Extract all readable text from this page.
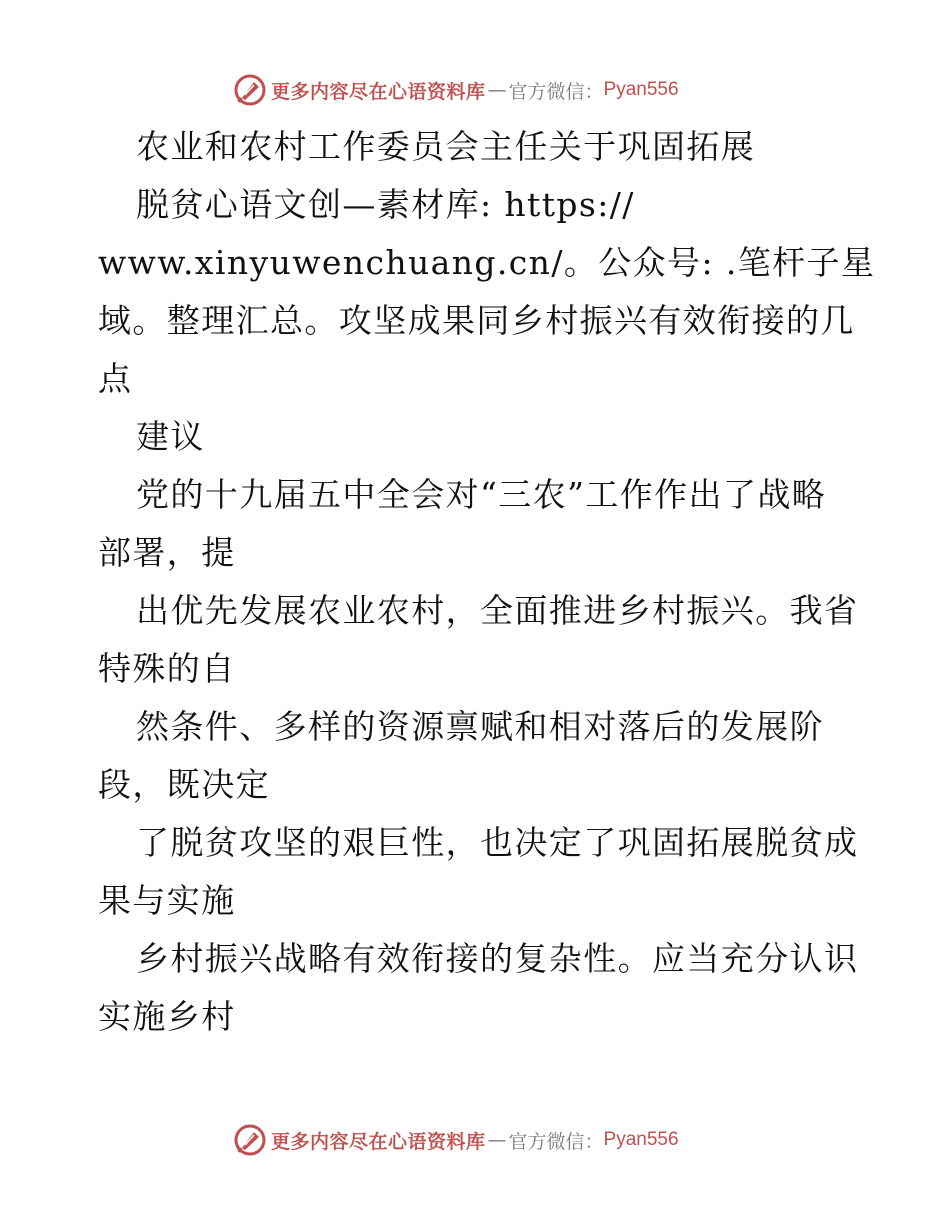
更多内容尽在心语资料库 — 官方微信： Pyan556
农业和农村工作委员会主任关于巩固拓展
脱贫心语文创—素材库: https://
www.xinyuwenchuang.cn/。公众号: .笔杆子星
域。整理汇总。攻坚成果同乡村振兴有效衔接的几
点
建议
党的十九届五中全会对“三农”工作作出了战略
部署，提
出优先发展农业农村，全面推进乡村振兴。我省
特殊的自
然条件、多样的资源禀赋和相对落后的发展阶
段，既决定
了脱贫攻坚的艰巨性，也决定了巩固拓展脱贫成
果与实施
乡村振兴战略有效衔接的复杂性。应当充分认识
实施乡村
更多内容尽在心语资料库 — 官方微信： Pyan556
